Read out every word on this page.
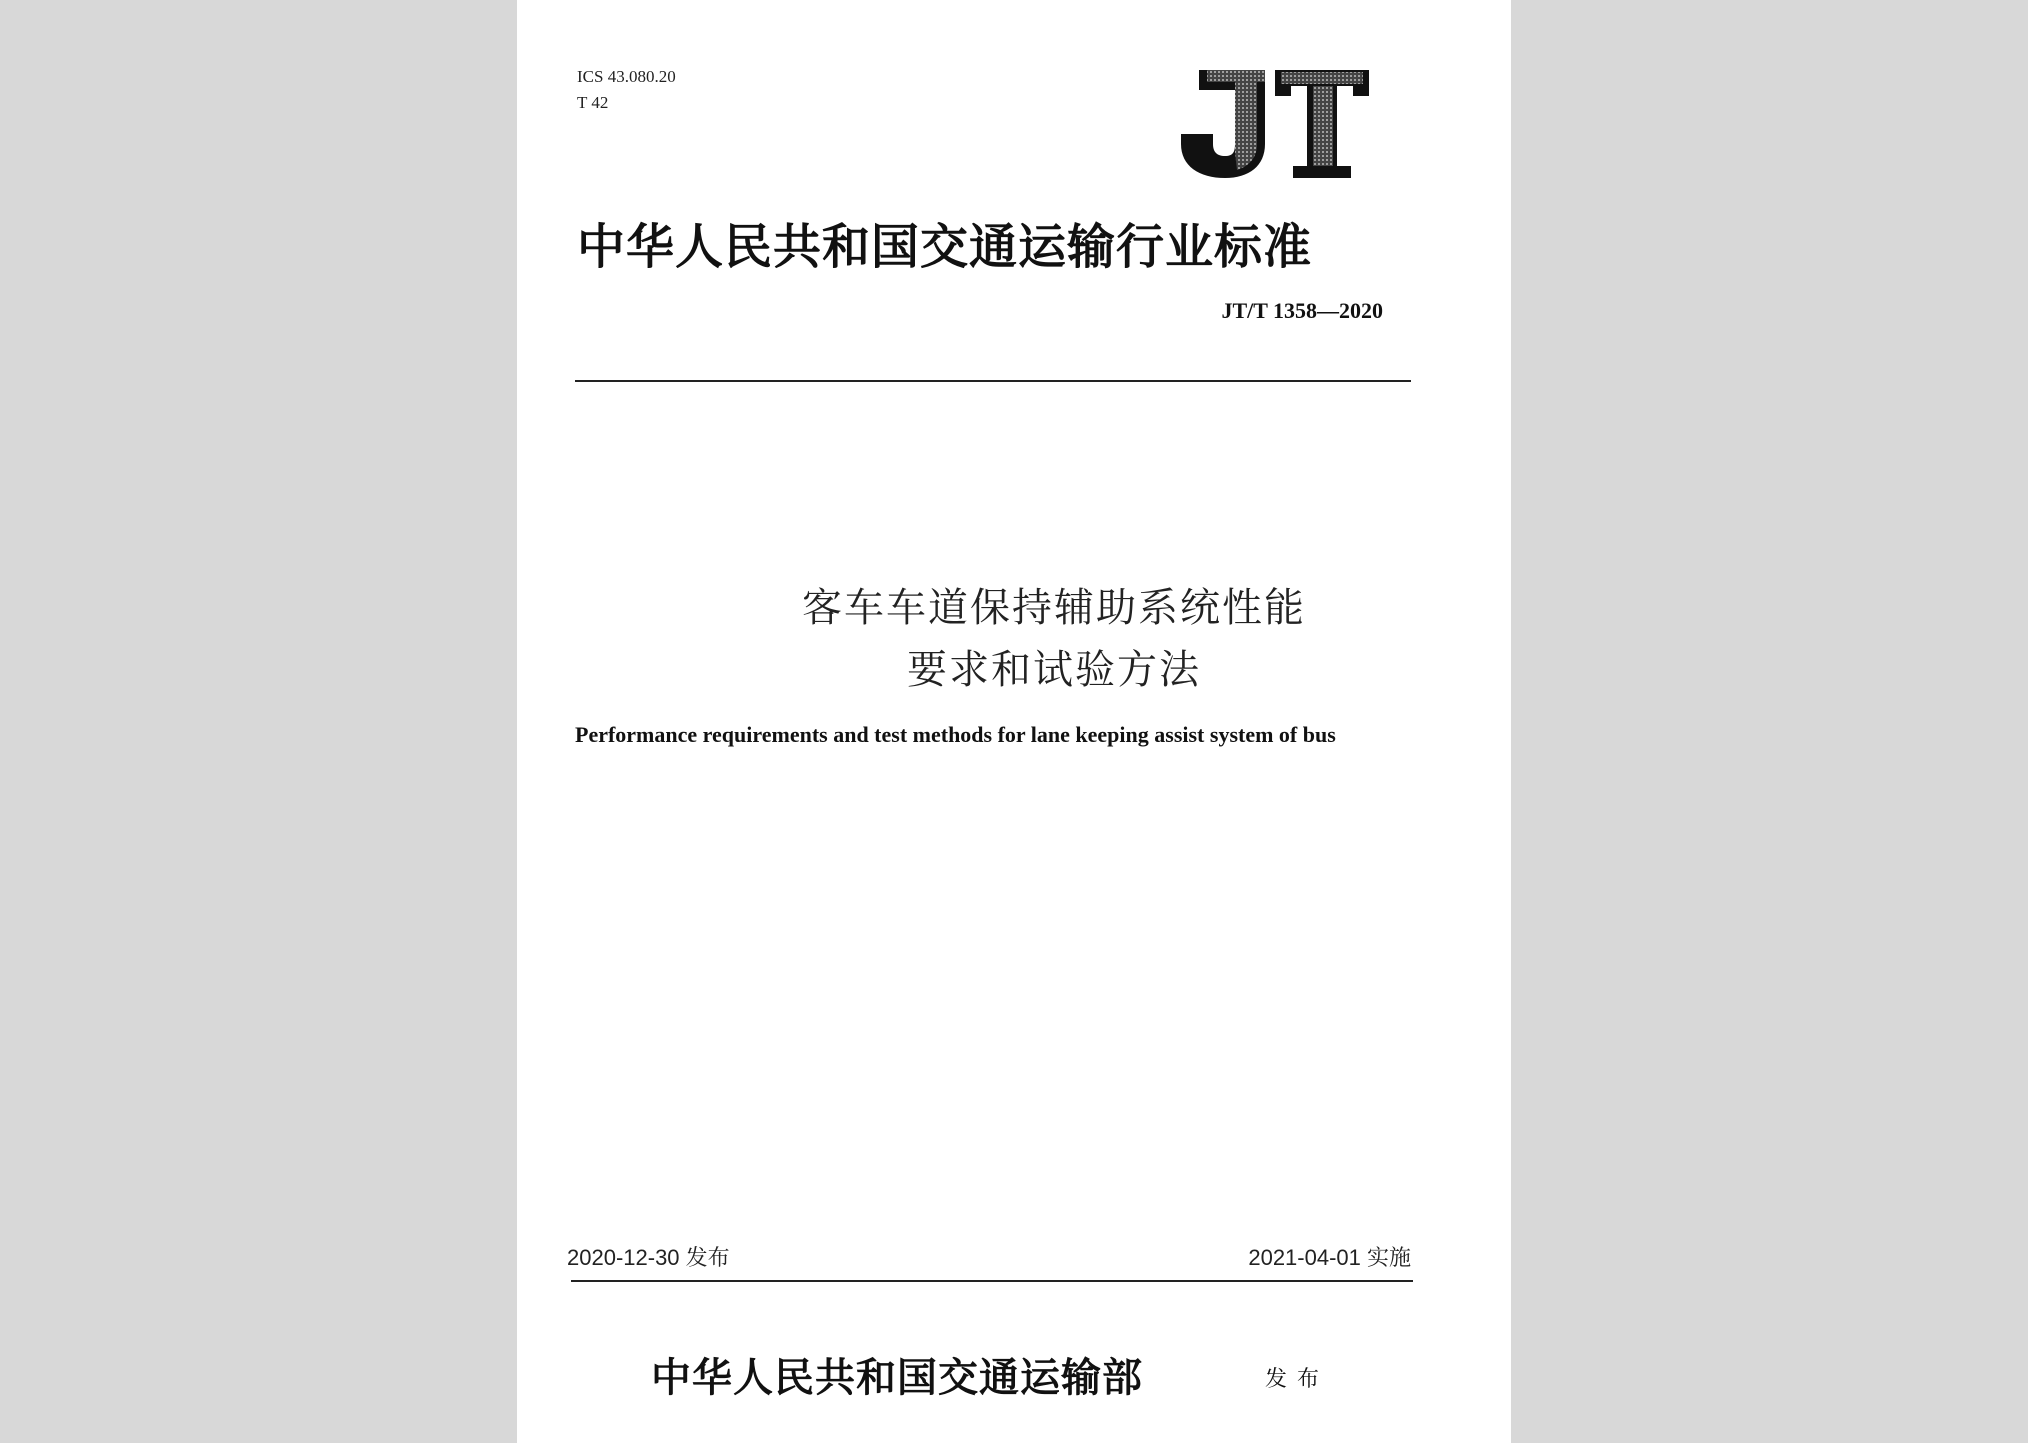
ICS 43.080.20
T 42
中华人民共和国交通运输行业标准
JT/T 1358—2020
客车车道保持辅助系统性能
要求和试验方法
Performance requirements and test methods for lane keeping assist system of bus
2020-12-30 发布	2021-04-01 实施
中华人民共和国交通运输部	发布
